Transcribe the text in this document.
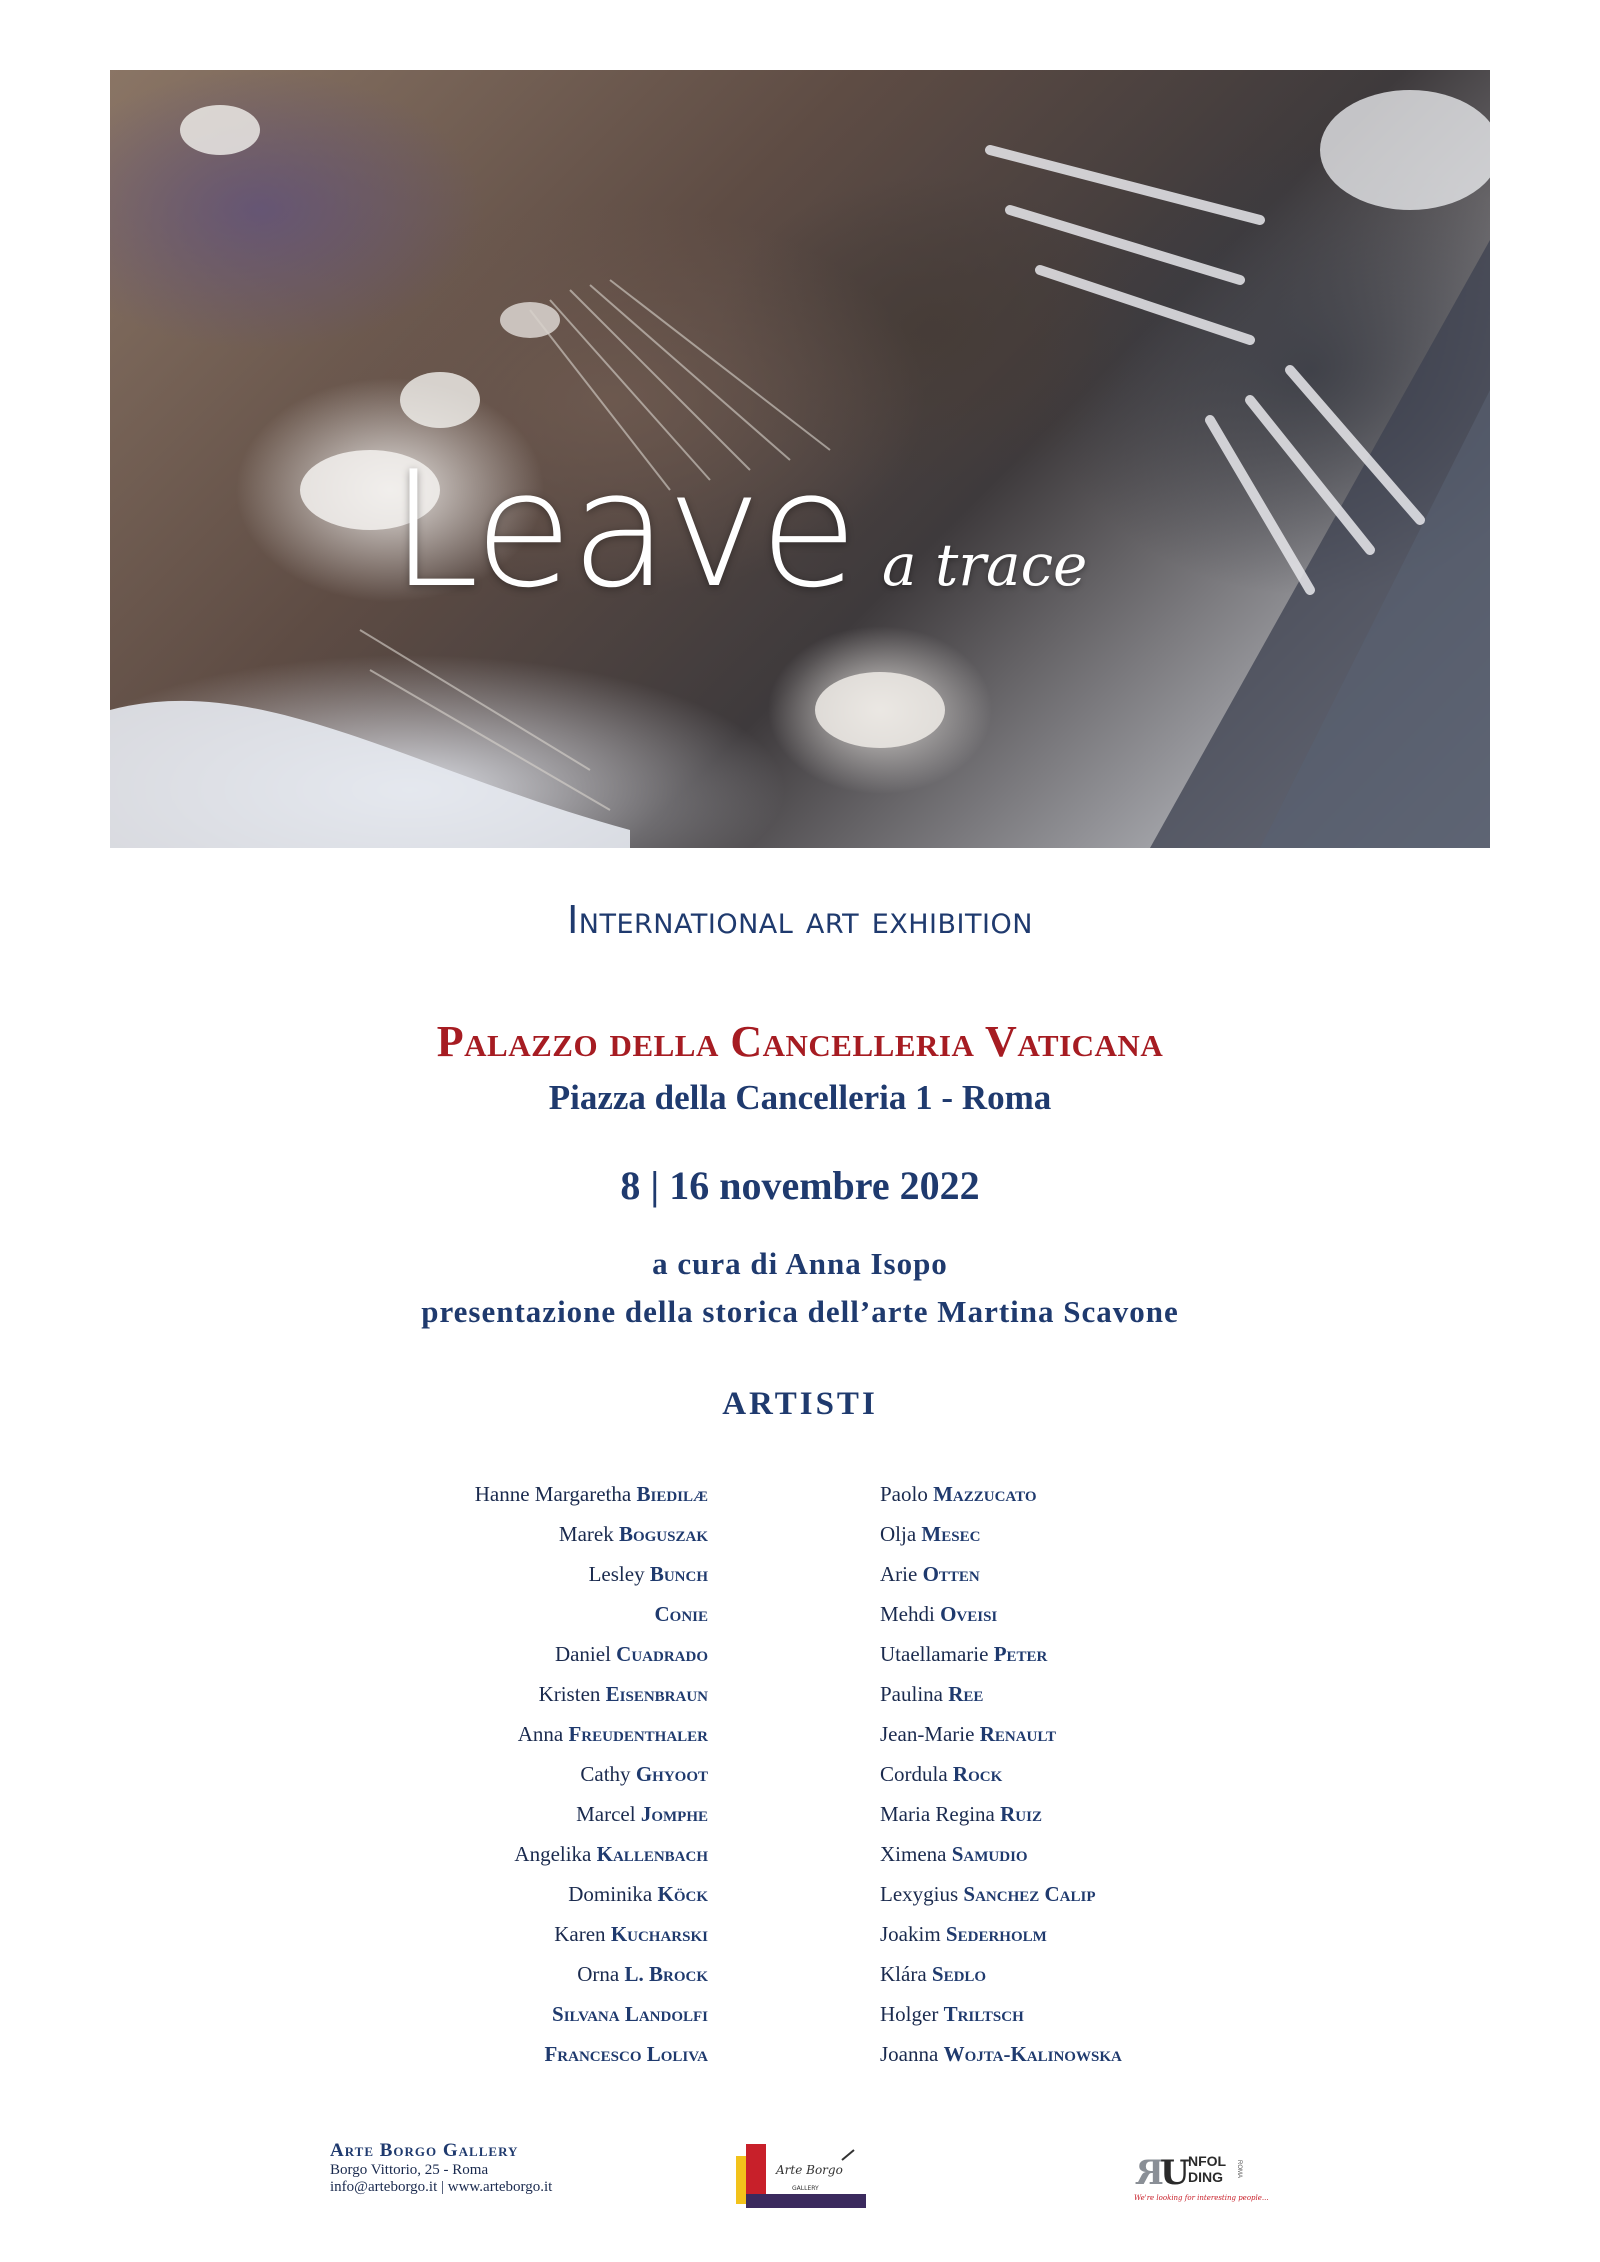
Leave a trace
International art exhibition
Palazzo della Cancelleria Vaticana
Piazza della Cancelleria 1 - Roma
8 | 16 novembre 2022
a cura di Anna Isopo
presentazione della storica dell’arte Martina Scavone
ARTISTI
Hanne Margaretha Biedilæ
Marek Boguszak
Lesley Bunch
Conie
Daniel Cuadrado
Kristen Eisenbraun
Anna Freudenthaler
Cathy Ghyoot
Marcel Jomphe
Angelika Kallenbach
Dominika Köck
Karen Kucharski
Orna L. Brock
Silvana Landolfi
Francesco Loliva
Paolo Mazzucato
Olja Mesec
Arie Otten
Mehdi Oveisi
Utaellamarie Peter
Paulina Ree
Jean-Marie Renault
Cordula Rock
Maria Regina Ruiz
Ximena Samudio
Lexygius Sanchez Calip
Joakim Sederholm
Klára Sedlo
Holger Triltsch
Joanna Wojta-Kalinowska
Arte Borgo Gallery
Borgo Vittorio, 25 - Roma
info@arteborgo.it | www.arteborgo.it
Arte Borgo
GALLERY	R
U
NFOL
DING ROMA
We're looking for interesting people...
